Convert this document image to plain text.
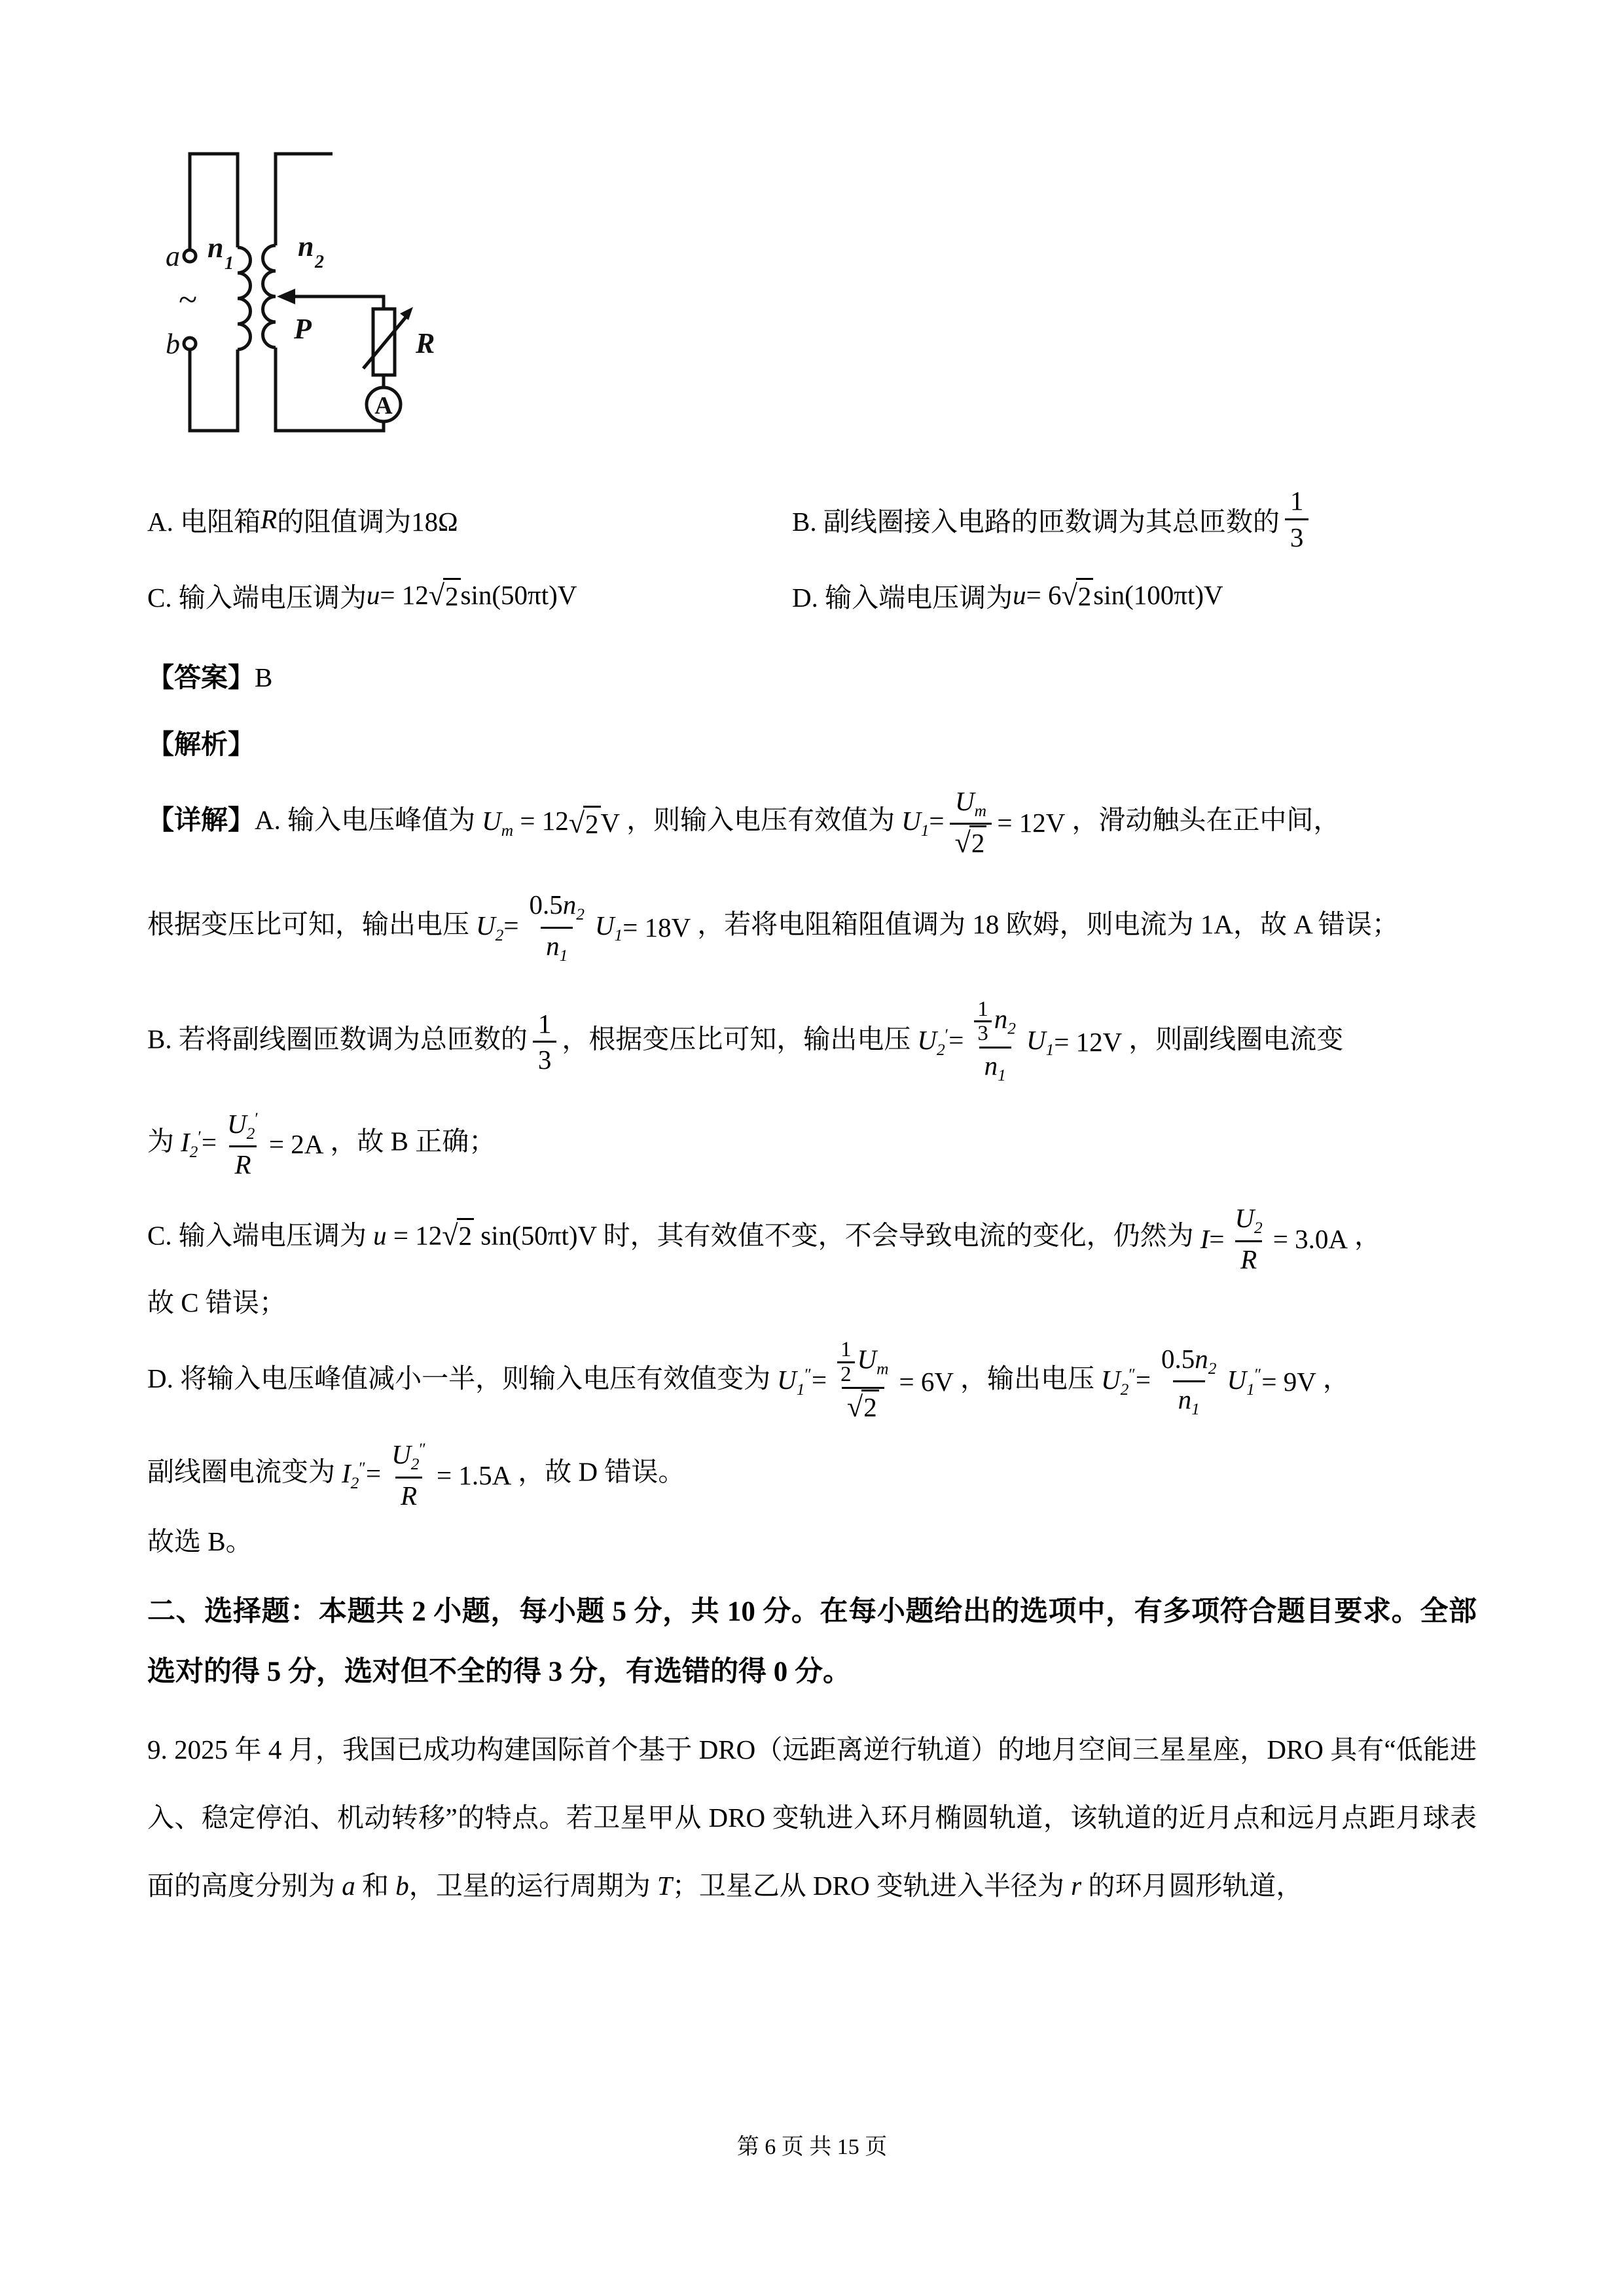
a
b
~
n 1
n 2
P	R
A
A. 电阻箱 R 的阻值调为18Ω	B. 副线圈接入电路的匝数调为其总匝数的 $\frac{1}{3}$
C. 输入端电压调为 u = 12 √ 2 sin(50πt)V	D. 输入端电压调为 u = 6 √ 2 sin(100πt)V
【答案】B
【解析】
【详解】A. 输入电压峰值为 $U_m = 12$ √ 2 V ，则输入电压有效值为 $U_1= \frac{U_m}{√2} = 12V$ ，滑动触头在正中间，
根据变压比可知，输出电压 $U_2= \frac{0.5n_2}{n_1} U_1 = 18V$ ，若将电阻箱阻值调为 18 欧姆，则电流为 1A，故 A 错误；
B. 若将副线圈匝数调为总匝数的 $\frac{1}{3}$ ，根据变压比可知，输出电压 $U_2'= \frac{\frac{1}{3} n_2}{n_1} U_1 = 12V$ ，则副线圈电流变
为 $I_2'= \frac{U_2'}{R} = 2A$ ，故 B 正确；
C. 输入端电压调为 u = 12√2 sin(50πt)V 时，其有效值不变，不会导致电流的变化，仍然为 $I= \frac{U_2}{R} = 3.0A$ ，
故 C 错误；
D. 将输入电压峰值减小一半，则输入电压有效值变为 $U_1''= \frac{\frac{1}{2} U_m}{√2} = 6V$ ，输出电压 $U_2''= \frac{0.5n_2}{n_1} U_1'' = 9V$ ，
副线圈电流变为 $I_2''= \frac{U_2''}{R} = 1.5A$ ，故 D 错误。
故选 B。
二、选择题：本题共 2 小题，每小题 5 分，共 10 分。在每小题给出的选项中，有多项符合题目要求。全部选对的得 5 分，选对但不全的得 3 分，有选错的得 0 分。
9. 2025 年 4 月，我国已成功构建国际首个基于 DRO（远距离逆行轨道）的地月空间三星星座，DRO 具有“低能进入、稳定停泊、机动转移”的特点。若卫星甲从 DRO 变轨进入环月椭圆轨道，该轨道的近月点和远月点距月球表面的高度分别为 a 和 b，卫星的运行周期为 T；卫星乙从 DRO 变轨进入半径为 r 的环月圆形轨道，
第 6 页 共 15 页
